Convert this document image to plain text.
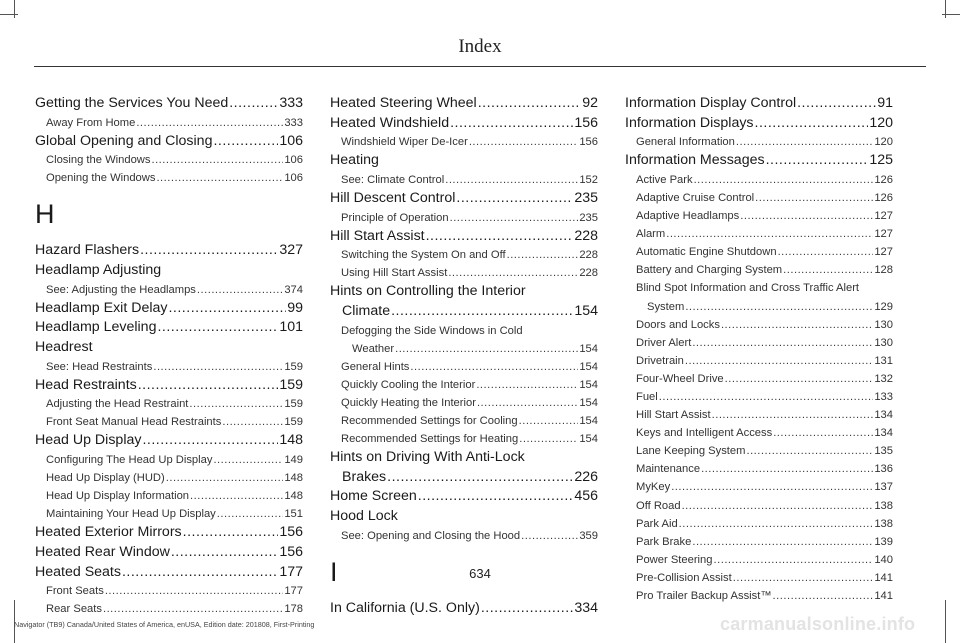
Index
Getting the Services You Need .....	333
Away From Home .....	333
Global Opening and Closing .....	106
Closing the Windows .....	106
Opening the Windows .....	106
H
Hazard Flashers .....	327
Headlamp Adjusting
See: Adjusting the Headlamps .....	374
Headlamp Exit Delay .....	99
Headlamp Leveling .....	101
Headrest
See: Head Restraints .....	159
Head Restraints .....	159
Adjusting the Head Restraint .....	159
Front Seat Manual Head Restraints .....	159
Head Up Display .....	148
Configuring The Head Up Display .....	149
Head Up Display (HUD) .....	148
Head Up Display Information .....	148
Maintaining Your Head Up Display .....	151
Heated Exterior Mirrors .....	156
Heated Rear Window .....	156
Heated Seats .....	177
Front Seats .....	177
Rear Seats .....	178
Heated Steering Wheel .....	92
Heated Windshield .....	156
Windshield Wiper De-Icer .....	156
Heating
See: Climate Control .....	152
Hill Descent Control .....	235
Principle of Operation .....	235
Hill Start Assist .....	228
Switching the System On and Off .....	228
Using Hill Start Assist .....	228
Hints on Controlling the Interior
Climate .....	154
Defogging the Side Windows in Cold
Weather .....	154
General Hints .....	154
Quickly Cooling the Interior .....	154
Quickly Heating the Interior .....	154
Recommended Settings for Cooling .....	154
Recommended Settings for Heating .....	154
Hints on Driving With Anti-Lock
Brakes .....	226
Home Screen .....	456
Hood Lock
See: Opening and Closing the Hood .....	359
I
In California (U.S. Only) .....	334
Information Display Control .....	91
Information Displays .....	120
General Information .....	120
Information Messages .....	125
Active Park .....	126
Adaptive Cruise Control .....	126
Adaptive Headlamps .....	127
Alarm .....	127
Automatic Engine Shutdown .....	127
Battery and Charging System .....	128
Blind Spot Information and Cross Traffic Alert
System .....	129
Doors and Locks .....	130
Driver Alert .....	130
Drivetrain .....	131
Four-Wheel Drive .....	132
Fuel .....	133
Hill Start Assist .....	134
Keys and Intelligent Access .....	134
Lane Keeping System .....	135
Maintenance .....	136
MyKey .....	137
Off Road .....	138
Park Aid .....	138
Park Brake .....	139
Power Steering .....	140
Pre-Collision Assist .....	141
Pro Trailer Backup Assist™ .....	141
634
Navigator (TB9) Canada/United States of America, enUSA, Edition date: 201808, First-Printing	carmanualsonline.info
